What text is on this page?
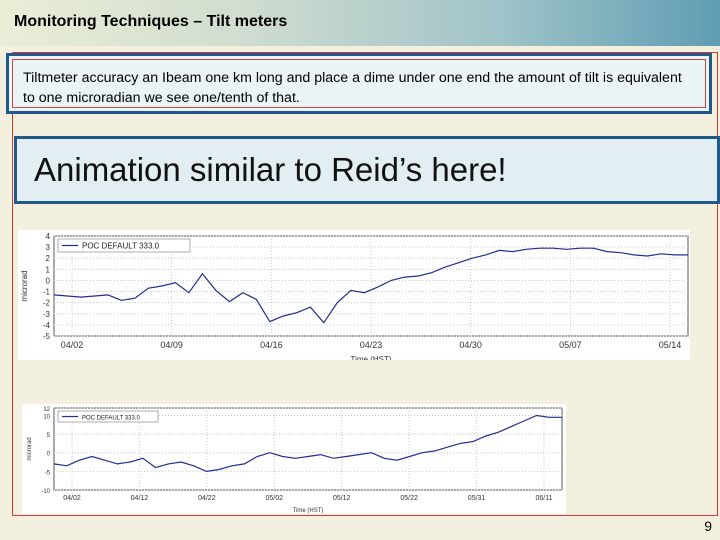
Monitoring Techniques – Tilt meters
Tiltmeter accuracy an Ibeam one km long and place a dime under one end the amount of tilt is equivalent to one microradian we see one/tenth of that.
Animation similar to Reid’s here!
4
3
2
1
0
-1
-2
-3
-4
-5
04/02	04/09	04/16	04/23	04/30	05/07	05/14
Time (HST)
microrad
POC DEFAULT 333.0
12
10
5
0
-5
-10
04/02	04/12	04/22	05/02	05/12	05/22	05/31	06/11
Time (HST)
microrad
POC DEFAULT 333.0
9
